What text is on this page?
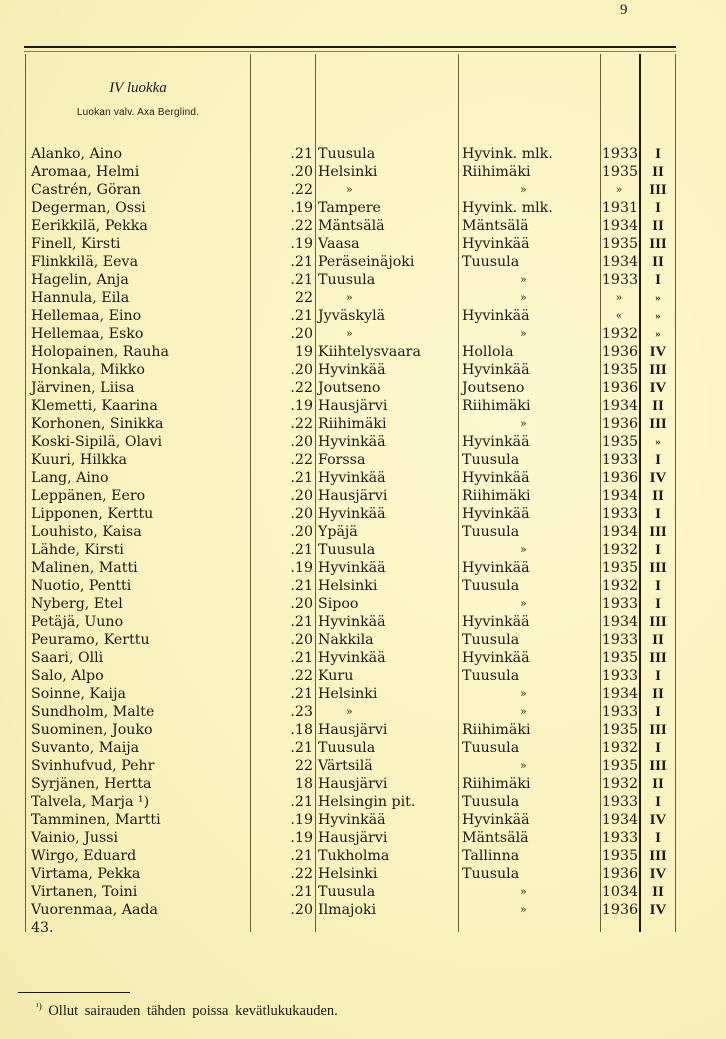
9
IV luokka
Luokan valv. Axa Berglind.
Alanko, Aino	.21 Tuusula	Hyvink. mlk.	1933	I
Aromaa, Helmi	.20 Helsinki	Riihimäki	1935 II
Castrén, Göran	.22	»	»	»	III
Degerman, Ossi	.19 Tampere	Hyvink. mlk.	1931	I
Eerikkilä, Pekka	.22 Mäntsälä	Mäntsälä	1934 II
Finell, Kirsti	.19 Vaasa	Hyvinkää	1935 III
Flinkkilä, Eeva	.21 Peräseinäjoki	Tuusula	1934 II
Hagelin, Anja	.21 Tuusula	»	1933	I
Hannula, Eila	22	»	»	»	»
Hellemaa, Eino	.21 Jyväskylä	Hyvinkää	«	»
Hellemaa, Esko	.20	»	»	1932	»
Holopainen, Rauha	19 Kiihtelysvaara	Hollola	1936 IV
Honkala, Mikko	.20 Hyvinkää	Hyvinkää	1935 III
Järvinen, Liisa	.22 Joutseno	Joutseno	1936 IV
Klemetti, Kaarina	.19 Hausjärvi	Riihimäki	1934 II
Korhonen, Sinikka	.22 Riihimäki	»	1936 III
Koski-Sipilä, Olavi	.20 Hyvinkää	Hyvinkää	1935	»
Kuuri, Hilkka	.22 Forssa	Tuusula	1933	I
Lang, Aino	.21 Hyvinkää	Hyvinkää	1936 IV
Leppänen, Eero	.20 Hausjärvi	Riihimäki	1934 II
Lipponen, Kerttu	.20 Hyvinkää	Hyvinkää	1933	I
Louhisto, Kaisa	.20 Ypäjä	Tuusula	1934 III
Lähde, Kirsti	.21 Tuusula	»	1932	I
Malinen, Matti	.19 Hyvinkää	Hyvinkää	1935 III
Nuotio, Pentti	.21 Helsinki	Tuusula	1932	I
Nyberg, Etel	.20 Sipoo	»	1933	I
Petäjä, Uuno	.21 Hyvinkää	Hyvinkää	1934 III
Peuramo, Kerttu	.20 Nakkila	Tuusula	1933 II
Saari, Olli	.21 Hyvinkää	Hyvinkää	1935 III
Salo, Alpo	.22 Kuru	Tuusula	1933	I
Soinne, Kaija	.21 Helsinki	»	1934 II
Sundholm, Malte	.23	»	»	1933	I
Suominen, Jouko	.18 Hausjärvi	Riihimäki	1935 III
Suvanto, Maija	.21 Tuusula	Tuusula	1932	I
Svinhufvud, Pehr	22 Värtsilä	»	1935 III
Syrjänen, Hertta	18 Hausjärvi	Riihimäki	1932 II
Talvela, Marja ¹)	.21 Helsingin pit.	Tuusula	1933	I
Tamminen, Martti	.19 Hyvinkää	Hyvinkää	1934 IV
Vainio, Jussi	.19 Hausjärvi	Mäntsälä	1933	I
Wirgo, Eduard	.21 Tukholma	Tallinna	1935 III
Virtama, Pekka	.22 Helsinki	Tuusula	1936 IV
Virtanen, Toini	.21 Tuusula	»	1034 II
Vuorenmaa, Aada	.20 Ilmajoki	»	1936 IV
43.
$^{^1)}$ Ollut sairauden tähden poissa kevätlukukauden.
